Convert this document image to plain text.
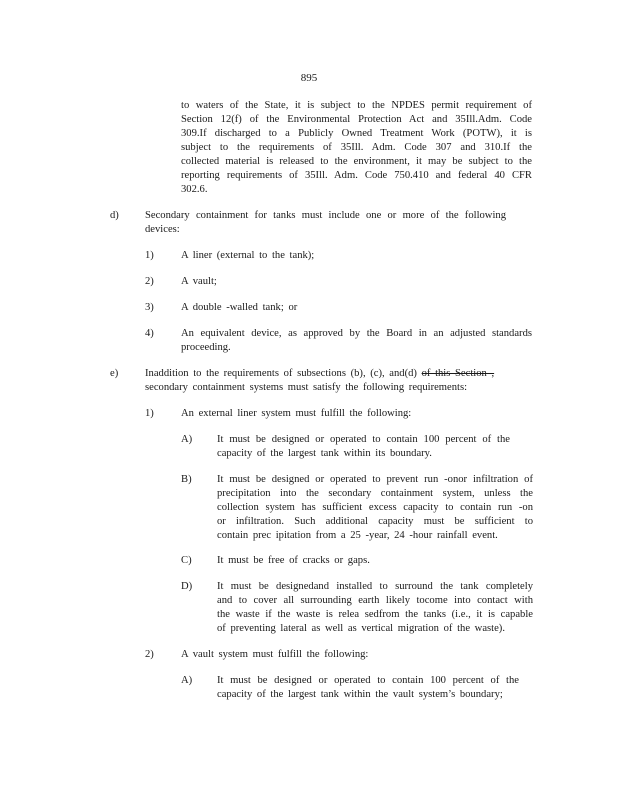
895
to waters of the State, it is subject to the NPDES permit requirement of
Section 12(f) of the Environmental Protection Act and 35Ill.Adm. Code
309.If discharged to a Publicly Owned Treatment Work (POTW), it is
subject to the requirements of 35Ill. Adm. Code 307 and 310.If the
collected material is released to the environment, it may be subject to the
reporting requirements of 35Ill. Adm. Code 750.410 and federal 40 CFR
302.6.
d) Secondary containment for tanks must include one or more of the following
devices:
1)	A liner (external to the tank);
2)	A vault;
3)	A double -walled tank; or
4)	An equivalent device, as approved by the Board in an adjusted standards
proceeding.
e)	Inaddition to the requirements of subsections (b), (c), and(d) of this Section ,
secondary containment systems must satisfy the following requirements:
1)	An external liner system must fulfill the following:
A) It must be designed or operated to contain 100 percent of the
capacity of the largest tank within its boundary.
B) It must be designed or operated to prevent run -onor infiltration of
precipitation into the secondary containment system, unless the
collection system has sufficient excess capacity to contain run -on
or infiltration. Such additional capacity must be sufficient to
contain prec ipitation from a 25 -year, 24 -hour rainfall event.
C) It must be free of cracks or gaps.
D) It must be designedand installed to surround the tank completely
and to cover all surrounding earth likely tocome into contact with
the waste if the waste is relea sedfrom the tanks (i.e., it is capable
of preventing lateral as well as vertical migration of the waste).
2)	A vault system must fulfill the following:
A) It must be designed or operated to contain 100 percent of the
capacity of the largest tank within the vault system’s boundary;
